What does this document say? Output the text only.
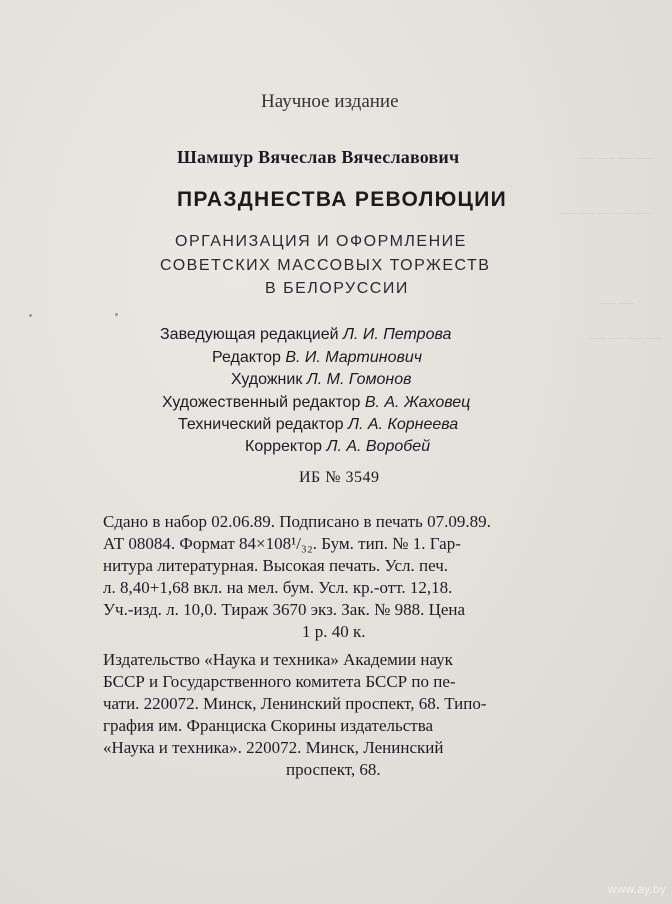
— — — —
— — — — —
— —
— — — —
Научное издание
Шамшур Вячеслав Вячеславович
ПРАЗДНЕСТВА РЕВОЛЮЦИИ
ОРГАНИЗАЦИЯ И ОФОРМЛЕНИЕ
СОВЕТСКИХ МАССОВЫХ ТОРЖЕСТВ
В БЕЛОРУССИИ
Заведующая редакцией Л. И. Петрова
Редактор В. И. Мартинович
Художник Л. М. Гомонов
Художественный редактор В. А. Жаховец
Технический редактор Л. А. Корнеева
Корректор Л. А. Воробей
ИБ № 3549

Сдано в набор 02.06.89. Подписано в печать 07.09.89.

АТ 08084. Формат 84×108¹/₃₂. Бум. тип. № 1. Гар-

нитура литературная. Высокая печать. Усл. печ.

л. 8,40+1,68 вкл. на мел. бум. Усл. кр.-отт. 12,18.

Уч.-изд. л. 10,0. Тираж 3670 экз. Зак. № 988. Цена

1 р. 40 к.

Издательство «Наука и техника» Академии наук

БССР и Государственного комитета БССР по пе-

чати. 220072. Минск, Ленинский проспект, 68. Типо-

графия им. Франциска Скорины издательства

«Наука и техника». 220072. Минск, Ленинский

проспект, 68.

www.ay.by
